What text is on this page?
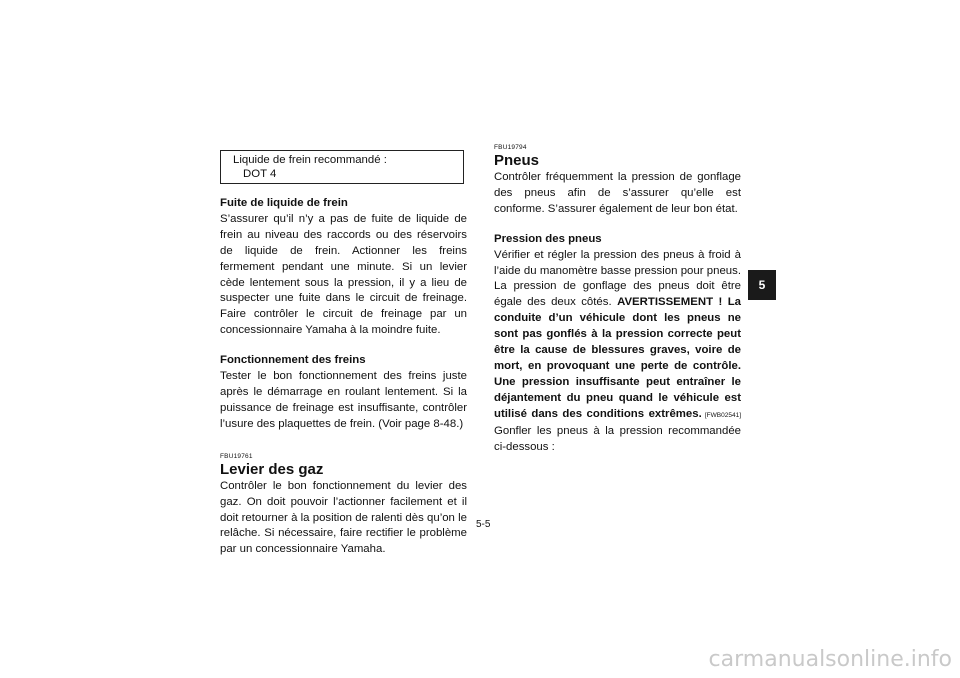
Liquide de frein recommandé :
DOT 4
Fuite de liquide de frein

S’assurer qu’il n’y a pas de fuite de liquide de frein au niveau des raccords ou des réservoirs de liquide de frein. Actionner les freins fermement pendant une minute. Si un levier cède lentement sous la pression, il y a lieu de suspecter une fuite dans le circuit de freinage. Faire contrôler le circuit de freinage par un concessionnaire Yamaha à la moindre fuite.

Fonctionnement des freins

Tester le bon fonctionnement des freins juste après le démarrage en roulant lentement. Si la puissance de freinage est insuffisante, contrôler l’usure des plaquettes de frein. (Voir page 8-48.)

FBU19761
Levier des gaz

Contrôler le bon fonctionnement du levier des gaz. On doit pouvoir l’actionner facilement et il doit retourner à la position de ralenti dès qu’on le relâche. Si nécessaire, faire rectifier le problème par un concessionnaire Yamaha.

FBU19794
Pneus

Contrôler fréquemment la pression de gonflage des pneus afin de s’assurer qu’elle est conforme. S’assurer également de leur bon état.

Pression des pneus

Vérifier et régler la pression des pneus à froid à l’aide du manomètre basse pression pour pneus. La pression de gonflage des pneus doit être égale des deux côtés. AVERTISSEMENT ! La conduite d’un véhicule dont les pneus ne sont pas gonflés à la pression correcte peut être la cause de blessures graves, voire de mort, en provoquant une perte de contrôle. Une pression insuffisante peut entraîner le déjantement du pneu quand le véhicule est utilisé dans des conditions extrêmes. [FWB02541] Gonfler les pneus à la pression recommandée ci-dessous :

5
5-5
carmanualsonline.info
